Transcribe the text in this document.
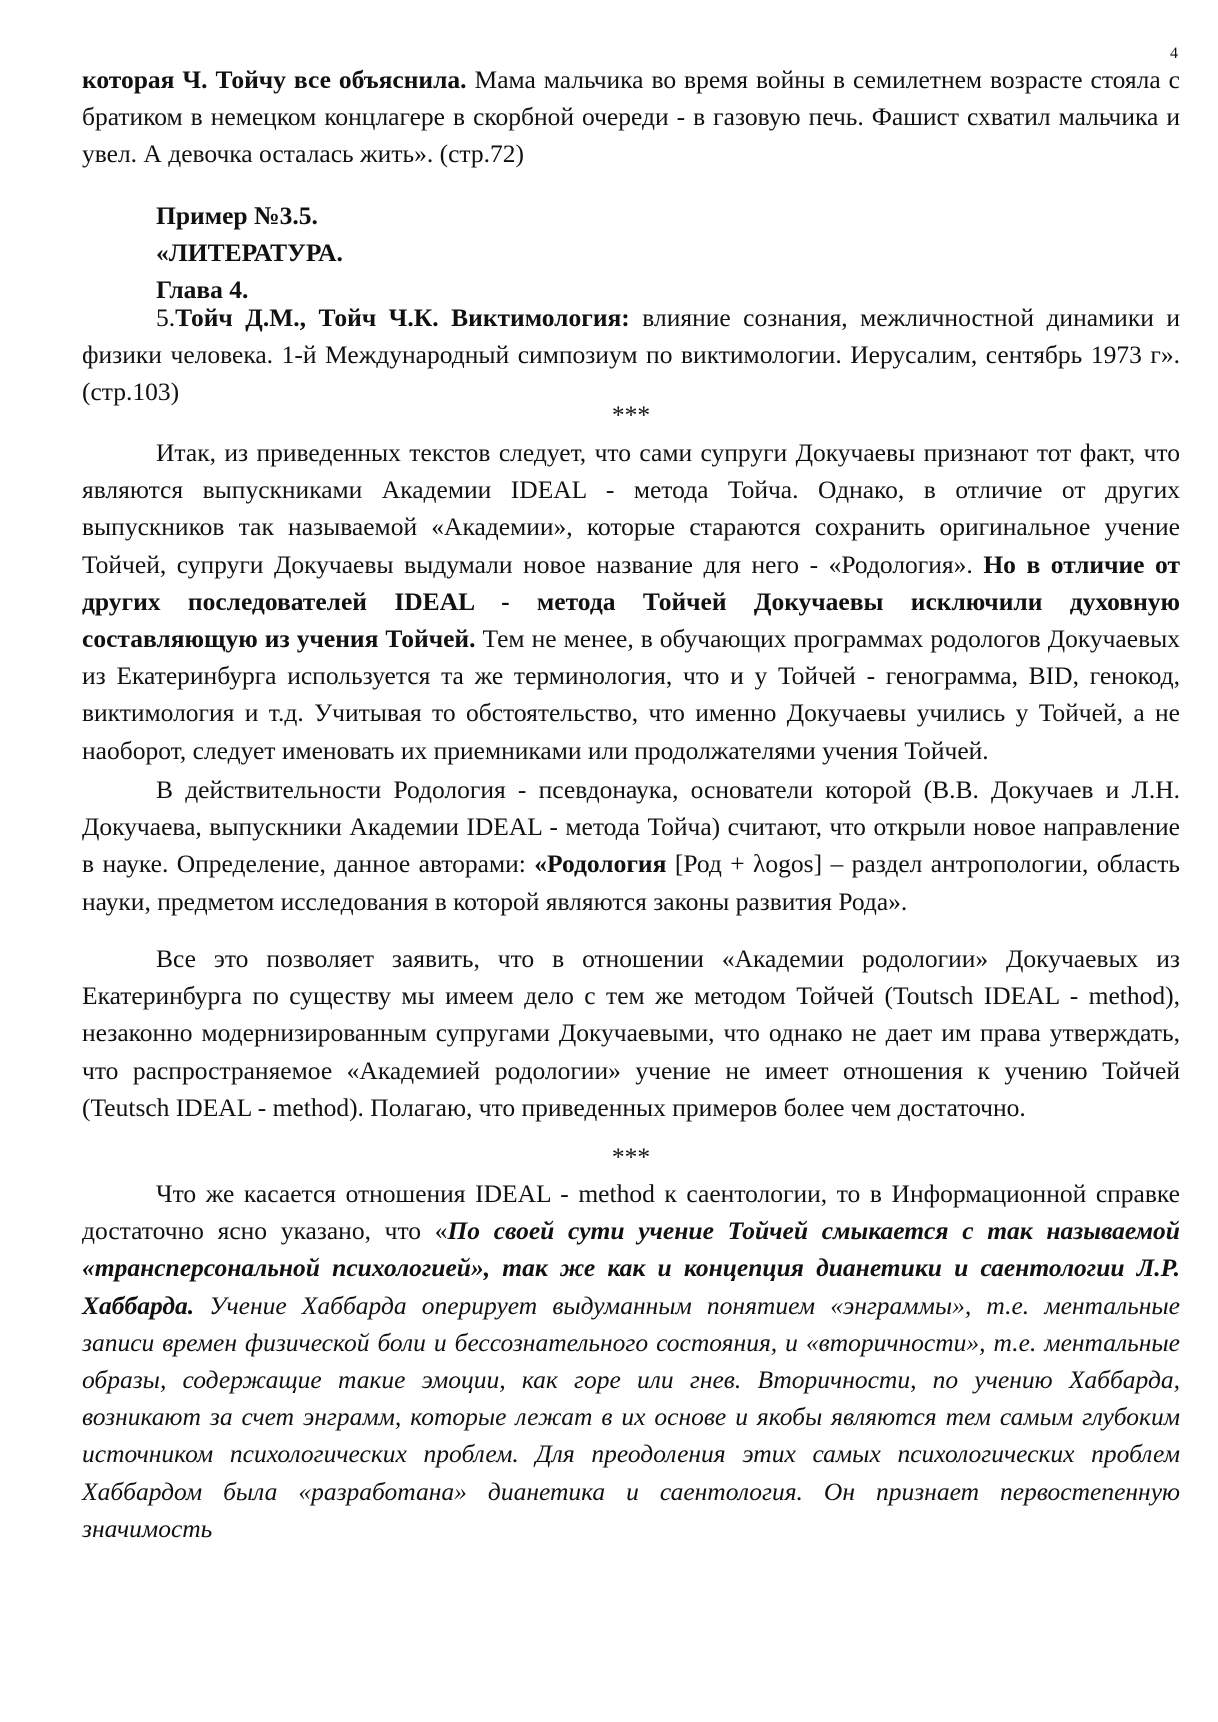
4

которая Ч. Тойчу все объяснила. Мама мальчика во время войны в семилетнем возрасте стояла с братиком в немецком концлагере в скорбной очереди - в газовую печь. Фашист схватил мальчика и увел. А девочка осталась жить». (стр.72)

Пример №3.5.
«ЛИТЕРАТУРА.
Глава 4.

5.Тойч Д.М., Тойч Ч.К. Виктимология: влияние сознания, межличностной динамики и физики человека. 1-й Международный симпозиум по виктимологии. Иерусалим, сентябрь 1973 г». (стр.103)

***

Итак, из приведенных текстов следует, что сами супруги Докучаевы признают тот факт, что являются выпускниками Академии IDEAL - метода Тойча. Однако, в отличие от других выпускников так называемой «Академии», которые стараются сохранить оригинальное учение Тойчей, супруги Докучаевы выдумали новое название для него - «Родология». Но в отличие от других последователей IDEAL - метода Тойчей Докучаевы исключили духовную составляющую из учения Тойчей. Тем не менее, в обучающих программах родологов Докучаевых из Екатеринбурга используется та же терминология, что и у Тойчей - генограмма, BID, генокод, виктимология и т.д. Учитывая то обстоятельство, что именно Докучаевы учились у Тойчей, а не наоборот, следует именовать их приемниками или продолжателями учения Тойчей.

В действительности Родология - псевдонаука, основатели которой (В.В. Докучаев и Л.Н. Докучаева, выпускники Академии IDEAL - метода Тойча) считают, что открыли новое направление в науке. Определение, данное авторами: «Родология [Род + λogos] – раздел антропологии, область науки, предметом исследования в которой являются законы развития Рода».

Все это позволяет заявить, что в отношении «Академии родологии» Докучаевых из Екатеринбурга по существу мы имеем дело с тем же методом Тойчей (Toutsch IDEAL - method), незаконно модернизированным супругами Докучаевыми, что однако не дает им права утверждать, что распространяемое «Академией родологии» учение не имеет отношения к учению Тойчей (Teutsch IDEAL - method). Полагаю, что приведенных примеров более чем достаточно.

***

Что же касается отношения IDEAL - method к саентологии, то в Информационной справке достаточно ясно указано, что «По своей сути учение Тойчей смыкается с так называемой «трансперсональной психологией», так же как и концепция дианетики и саентологии Л.Р. Хаббарда. Учение Хаббарда оперирует выдуманным понятием «энграммы», т.е. ментальные записи времен физической боли и бессознательного состояния, и «вторичности», т.е. ментальные образы, содержащие такие эмоции, как горе или гнев. Вторичности, по учению Хаббарда, возникают за счет энграмм, которые лежат в их основе и якобы являются тем самым глубоким источником психологических проблем. Для преодоления этих самых психологических проблем Хаббардом была «разработана» дианетика и саентология. Он признает первостепенную значимость
